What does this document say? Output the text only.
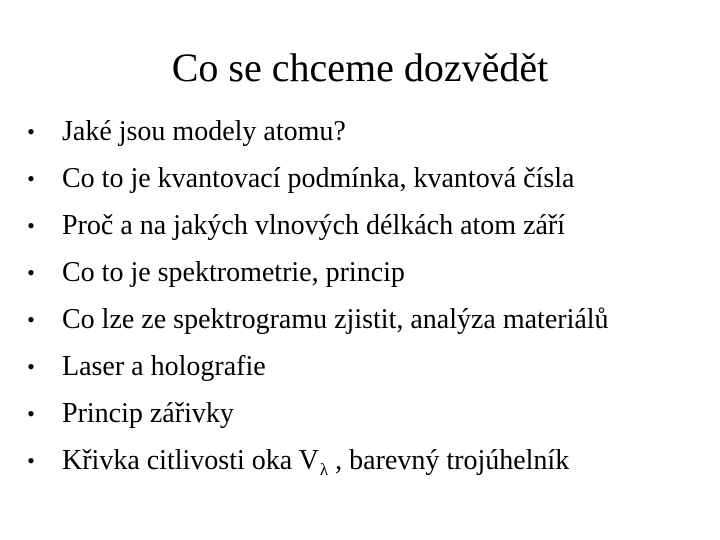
Co se chceme dozvědět
• Jaké jsou modely atomu?
• Co to je kvantovací podmínka, kvantová čísla
• Proč a na jakých vlnových délkách atom září
• Co to je spektrometrie, princip
• Co lze ze spektrogramu zjistit, analýza materiálů
• Laser a holografie
• Princip zářivky
• Křivka citlivosti oka $V_\lambda$ , barevný trojúhelník
